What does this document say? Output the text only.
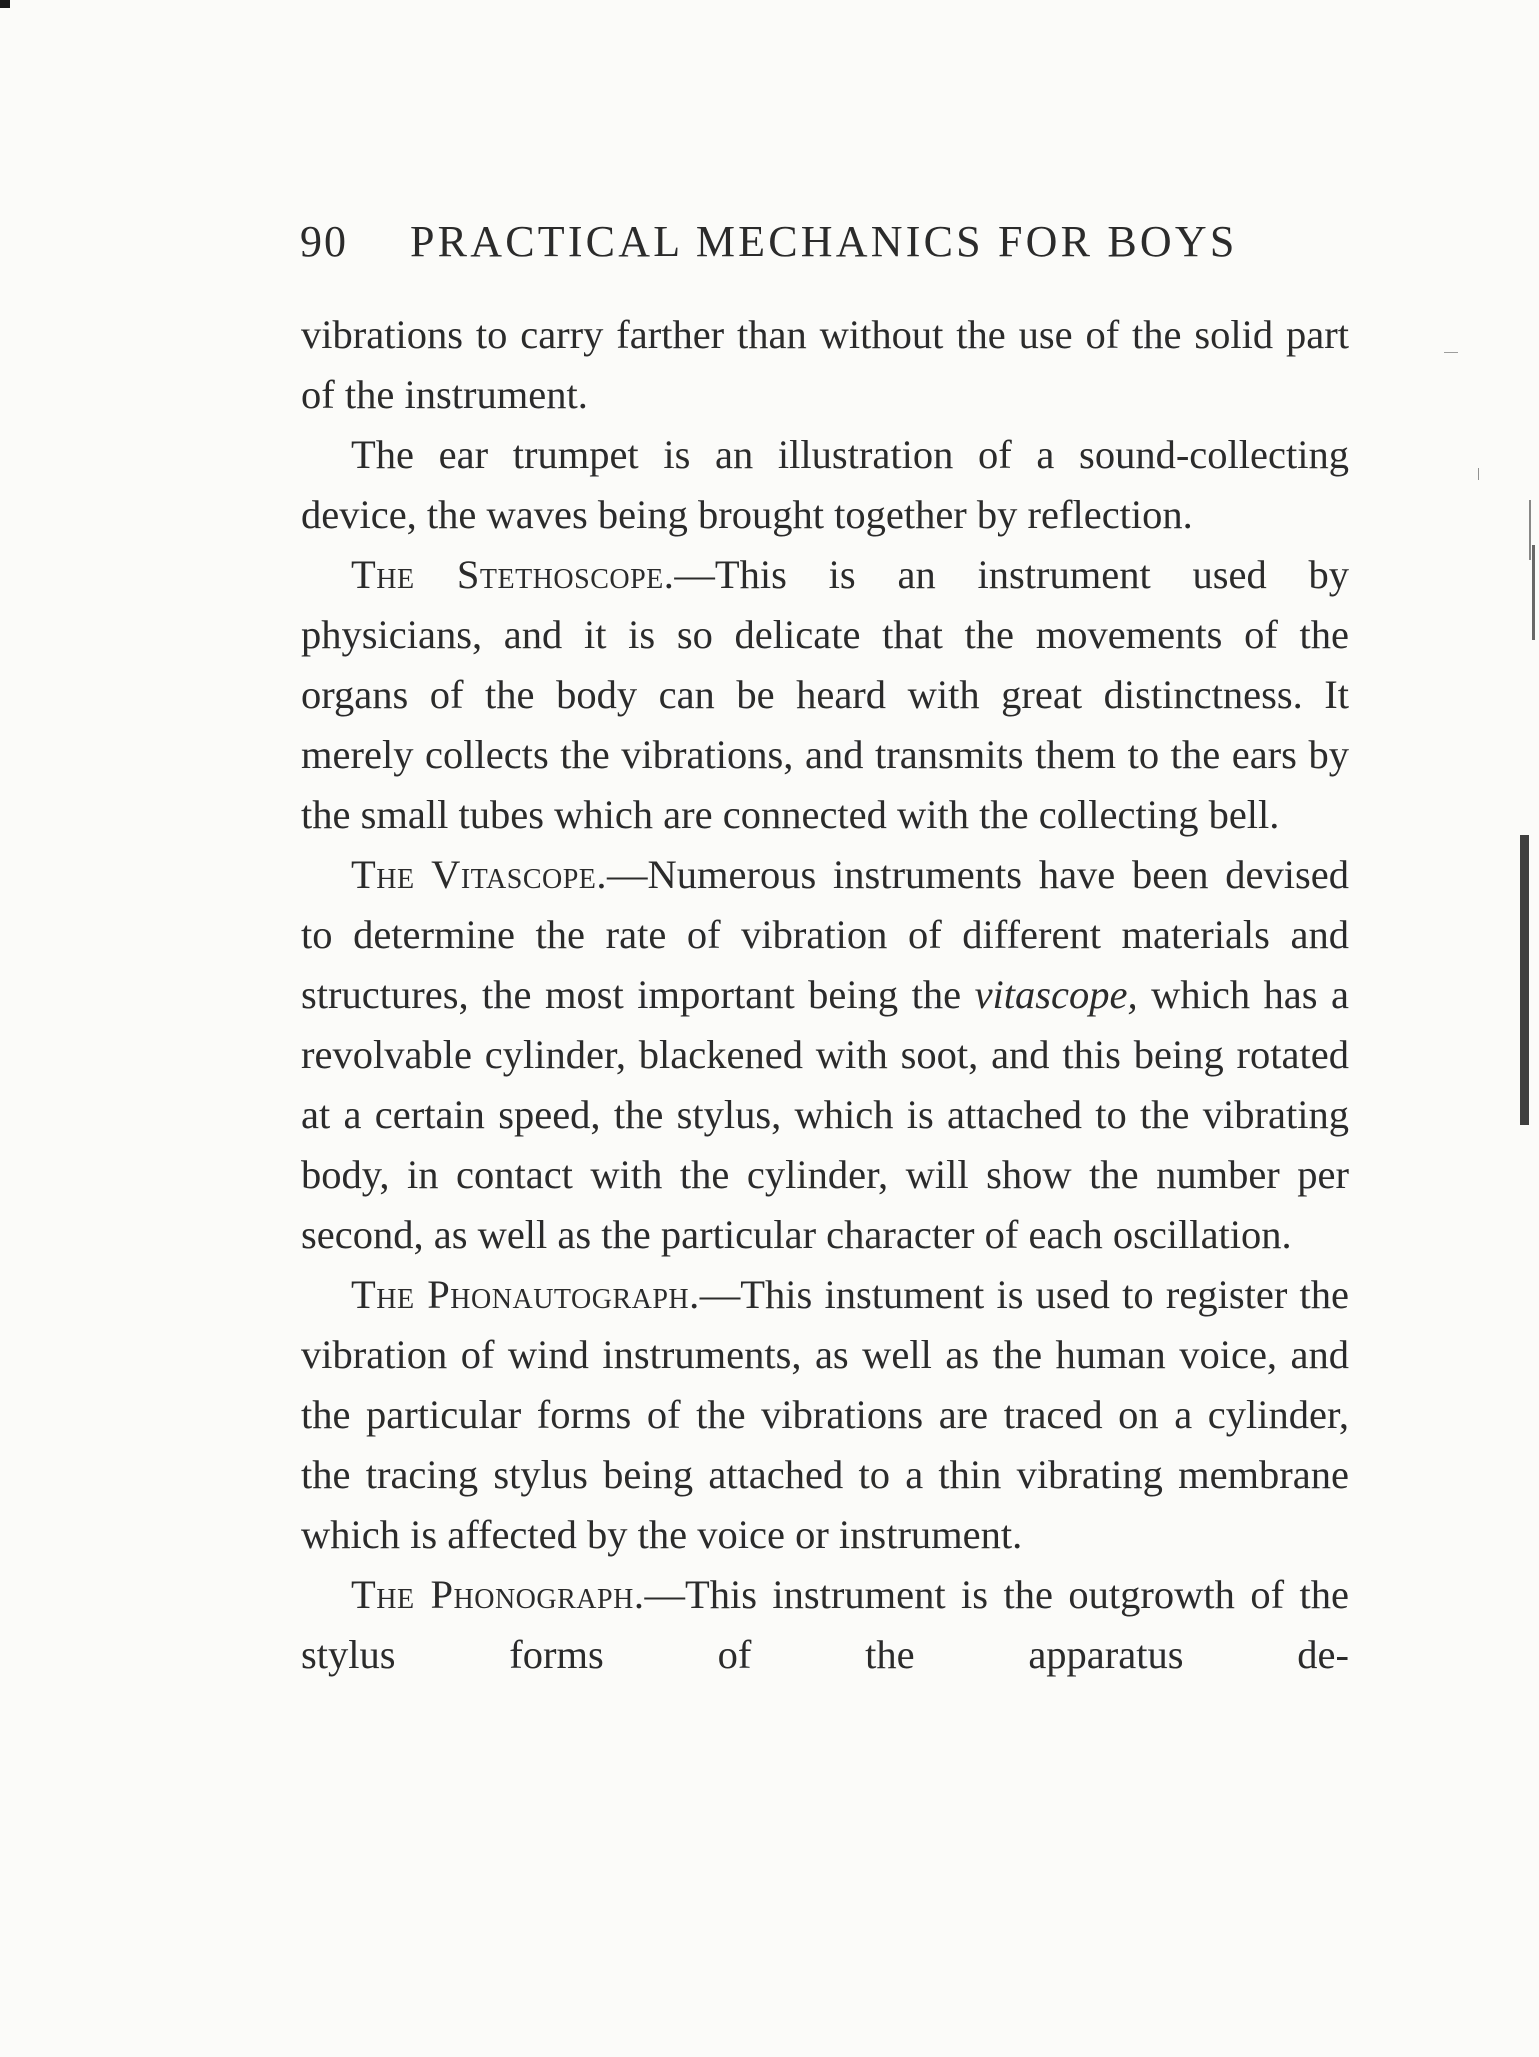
90 PRACTICAL MECHANICS FOR BOYS

vibrations to carry farther than without the use of the solid part of the instrument.

The ear trumpet is an illustration of a sound-collecting device, the waves being brought together by reflection.

The Stethoscope.—This is an instrument used by physicians, and it is so delicate that the movements of the organs of the body can be heard with great distinctness. It merely collects the vibrations, and transmits them to the ears by the small tubes which are connected with the collecting bell.

The Vitascope.—Numerous instruments have been devised to determine the rate of vibration of different materials and structures, the most important being the vitascope, which has a revolvable cylinder, blackened with soot, and this being rotated at a certain speed, the stylus, which is attached to the vibrating body, in contact with the cylinder, will show the number per second, as well as the particular character of each oscillation.

The Phonautograph.—This instument is used to register the vibration of wind instruments, as well as the human voice, and the particular forms of the vibrations are traced on a cylinder, the tracing stylus being attached to a thin vibrating membrane which is affected by the voice or instrument.

The Phonograph.—This instrument is the outgrowth of the stylus forms of the apparatus de-
